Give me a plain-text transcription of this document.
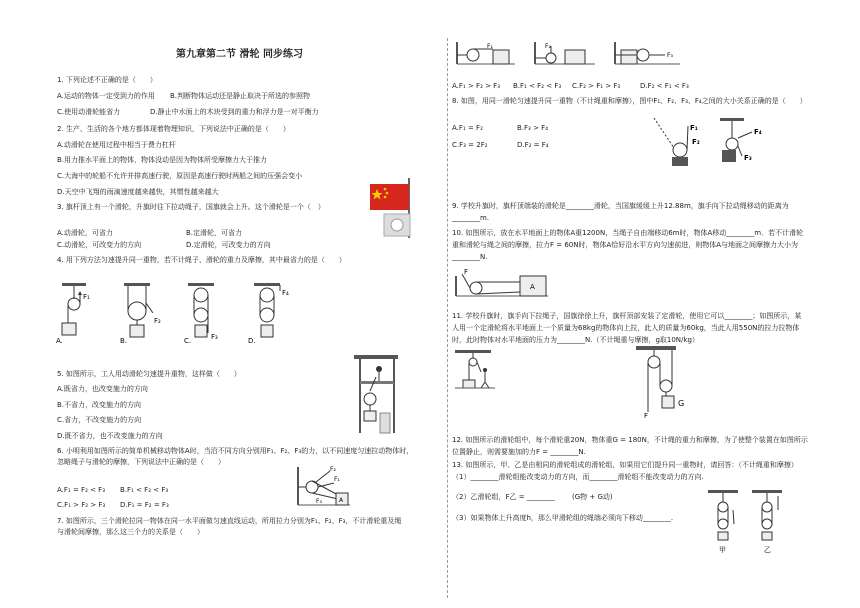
第九章第二节 滑轮 同步练习
1. 下列论述不正确的是（　　）
A.运动的物体一定受到力的作用 B.判断物体运动还是静止取决于所选的参照物
C.使用动滑轮能省力	D.静止中水面上的木块受到的重力和浮力是一对平衡力
2. 生产、生活的各个地方都体现着物理知识，下列说法中正确的是（　　）
A.动滑轮在使用过程中相当于费力杠杆
B.用力推水平面上的物体，物体没动是因为物体所受摩擦力大于推力
C.大海中的轮船不允许并排高速行驶，原因是高速行驶时两船之间的压强会变小
D.天空中飞翔的雨滴速度越来越快，其惯性越来越大
3. 旗杆顶上有一个滑轮，升旗时往下拉动绳子，国旗就会上升。这个滑轮是一个（　）
A.动滑轮，可省力	B.定滑轮，可省力
C.动滑轮，可改变力的方向	D.定滑轮，可改变力的方向
4. 用下列方法匀速提升同一重物，若不计绳子、滑轮的重力及摩擦，其中最省力的是（　　）
A.
F₁
B.
F₂
C.	F₃	D.
F₄
5. 如图所示，工人用动滑轮匀速提升重物，这样做（　　）
A.既省力，也改变施力的方向
B.不省力，改变施力的方向
C.省力，不改变施力的方向
D.既不省力，也不改变施力的方向
6. 小明利用如图所示的简单机械移动物体A时，当沿不同方向分别用F₁、F₂、F₃的力，以不同速度匀速拉动物体时，
忽略绳子与滑轮的摩擦，下列说法中正确的是（　　）
F₂
F₁
F₃	A
A.F₁ = F₂ < F₃ B.F₁ < F₂ < F₃
C.F₁ > F₂ > F₃ D.F₁ = F₂ = F₃
7. 如图所示，三个滑轮拉同一物体在同一水平面做匀速直线运动，所用拉力分别为F₁、F₂、F₃，不计滑轮重及绳
与滑轮间摩擦，那么这三个力的关系是（　　）
F₁	F₂
F₃
A.F₁ > F₂ > F₃ B.F₁ < F₂ < F₃ C.F₂ > F₁ > F₃	D.F₂ < F₁ < F₃
8. 如图，用同一滑轮匀速提升同一重物（不计绳重和摩擦），图中F₁、F₂、F₃、F₄之间的大小关系正确的是（　　）
A.F₁ = F₂	B.F₃ > F₄
C.F₃ = 2F₂	D.F₂ = F₄
F₁
F₂
F₄
F₃
9. 学校升旗时，旗杆顶端装的滑轮是________滑轮，当国旗缓缓上升12.88m，旗手向下拉动绳移动的距离为
________m.
10. 如图所示，放在水平地面上的物体A重1200N，当绳子自由端移动6m时，物体A移动________m．若不计滑轮
重和滑轮与绳之间的摩擦，拉力F = 60N时，物体A恰好沿水平方向匀速前进，则物体A与地面之间摩擦力大小为
________N.
F
A
11. 学校升旗时，旗手向下拉绳子，国旗徐徐上升，旗杆顶部安装了定滑轮，使用它可以________；如图所示，某
人用一个定滑轮将水平地面上一个质量为68kg的物体向上拉，此人的质量为60kg，当此人用550N的拉力拉物体
时，此时物体对水平地面的压力为________N.（不计绳重与摩擦，g取10N/kg）
F
G
12. 如图所示的滑轮组中，每个滑轮重20N，物体重G = 180N，不计绳的重力和摩擦，为了使整个装置在如图所示
位置静止，则需要施加的力F = ________N.
13. 如图所示，甲、乙是由相同的滑轮组成的滑轮组，如果用它们提升同一重物时，请回答：（不计绳重和摩擦）
（1）________滑轮组能改变动力的方向，而________滑轮组不能改变动力的方向.
（2）乙滑轮组，F乙 = ________ (G物 + G动)
（3）如果物体上升高度h，那么甲滑轮组的绳端必须向下移动________.
甲	乙
